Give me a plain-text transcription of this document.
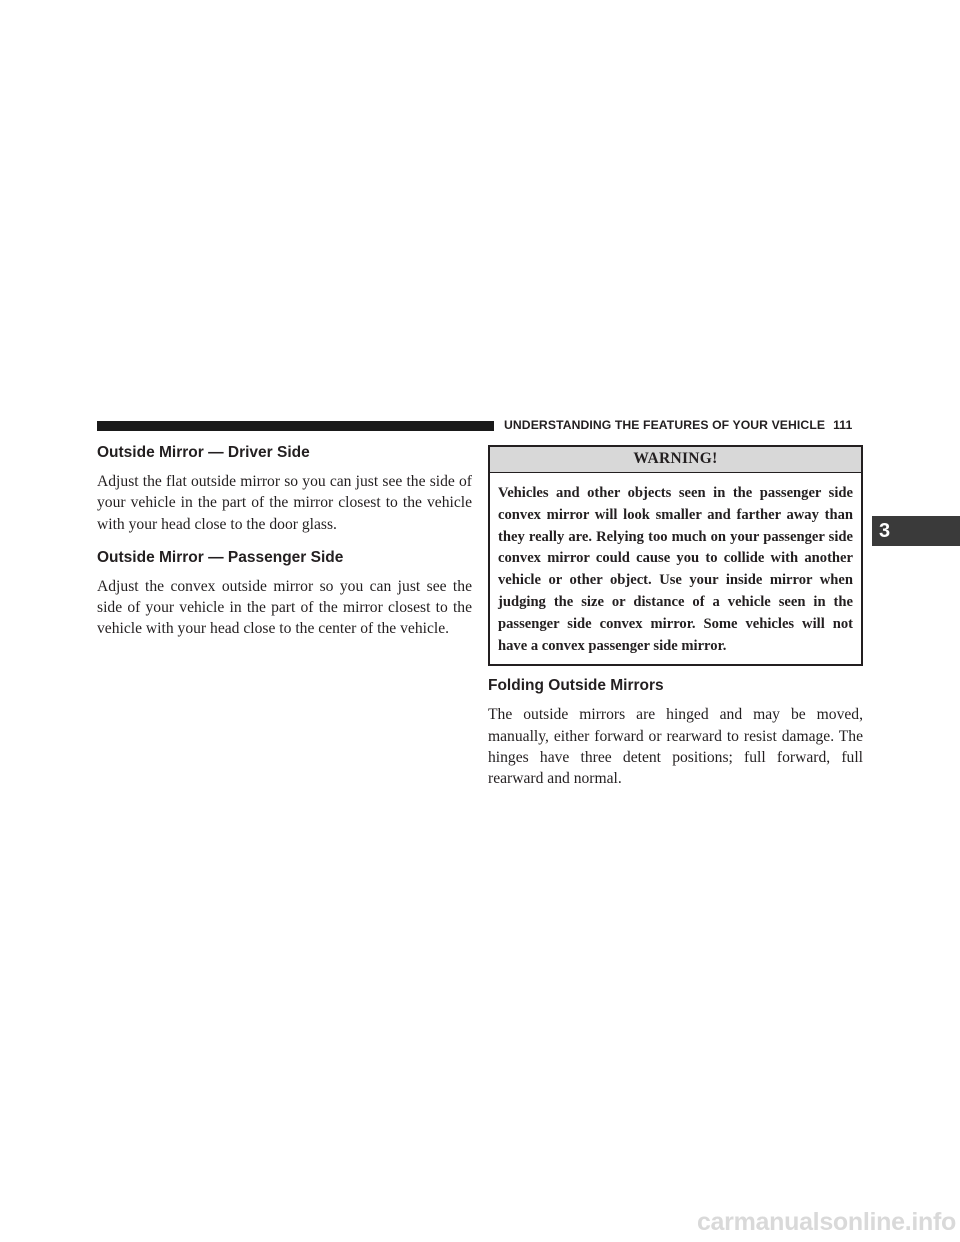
UNDERSTANDING THE FEATURES OF YOUR VEHICLE 111
Outside Mirror — Driver Side

Adjust the flat outside mirror so you can just see the side of your vehicle in the part of the mirror closest to the vehicle with your head close to the door glass.

Outside Mirror — Passenger Side

Adjust the convex outside mirror so you can just see the side of your vehicle in the part of the mirror closest to the vehicle with your head close to the center of the vehicle.

WARNING!
Vehicles and other objects seen in the passenger side convex mirror will look smaller and farther away than they really are. Relying too much on your passenger side convex mirror could cause you to collide with another vehicle or other object. Use your inside mirror when judging the size or distance of a vehicle seen in the passenger side convex mirror. Some vehicles will not have a convex passenger side mirror.
Folding Outside Mirrors

The outside mirrors are hinged and may be moved, manually, either forward or rearward to resist damage. The hinges have three detent positions; full forward, full rearward and normal.

3
carmanualsonline.info
